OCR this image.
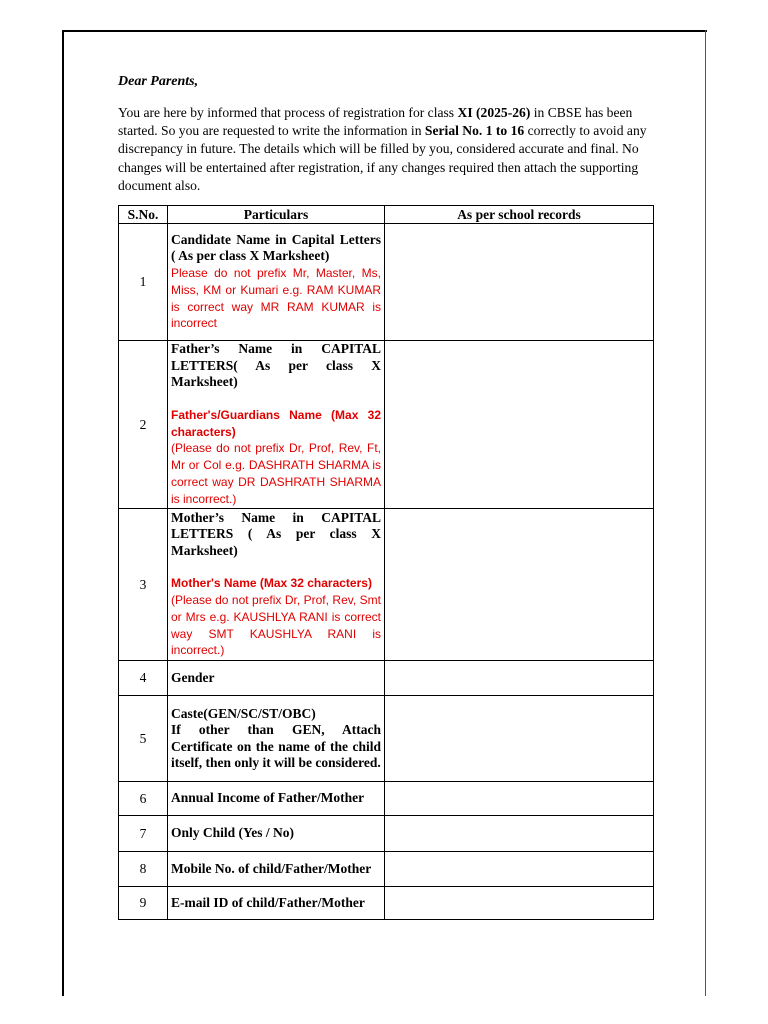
Dear Parents,

You are here by informed that process of registration for class XI (2025-26) in CBSE has been started. So you are requested to write the information in Serial No. 1 to 16 correctly to avoid any discrepancy in future. The details which will be filled by you, considered accurate and final. No changes will be entertained after registration, if any changes required then attach the supporting document also.

S.No.	Particulars	As per school records
1	Candidate Name in Capital Letters ( As per class X Marksheet)
Please do not prefix Mr, Master, Ms, Miss, KM or Kumari e.g. RAM KUMAR is correct way MR RAM KUMAR is incorrect	

2	Father’s Name in CAPITAL LETTERS( As per class X Marksheet)
Father's/Guardians Name (Max 32 characters)
(Please do not prefix Dr, Prof, Rev, Ft, Mr or Col e.g. DASHRATH SHARMA is correct way DR DASHRATH SHARMA is incorrect.)	

3	Mother’s Name in CAPITAL LETTERS ( As per class X Marksheet)
Mother's Name (Max 32 characters)
(Please do not prefix Dr, Prof, Rev, Smt or Mrs e.g. KAUSHLYA RANI is correct way SMT KAUSHLYA RANI is incorrect.)	

4	Gender	

5	Caste(GEN/SC/ST/OBC)
If other than GEN, Attach Certificate on the name of the child itself, then only it will be considered.	

6	Annual Income of Father/Mother	

7	Only Child (Yes / No)	

8	Mobile No. of child/Father/Mother	

9	E-mail ID of child/Father/Mother	
